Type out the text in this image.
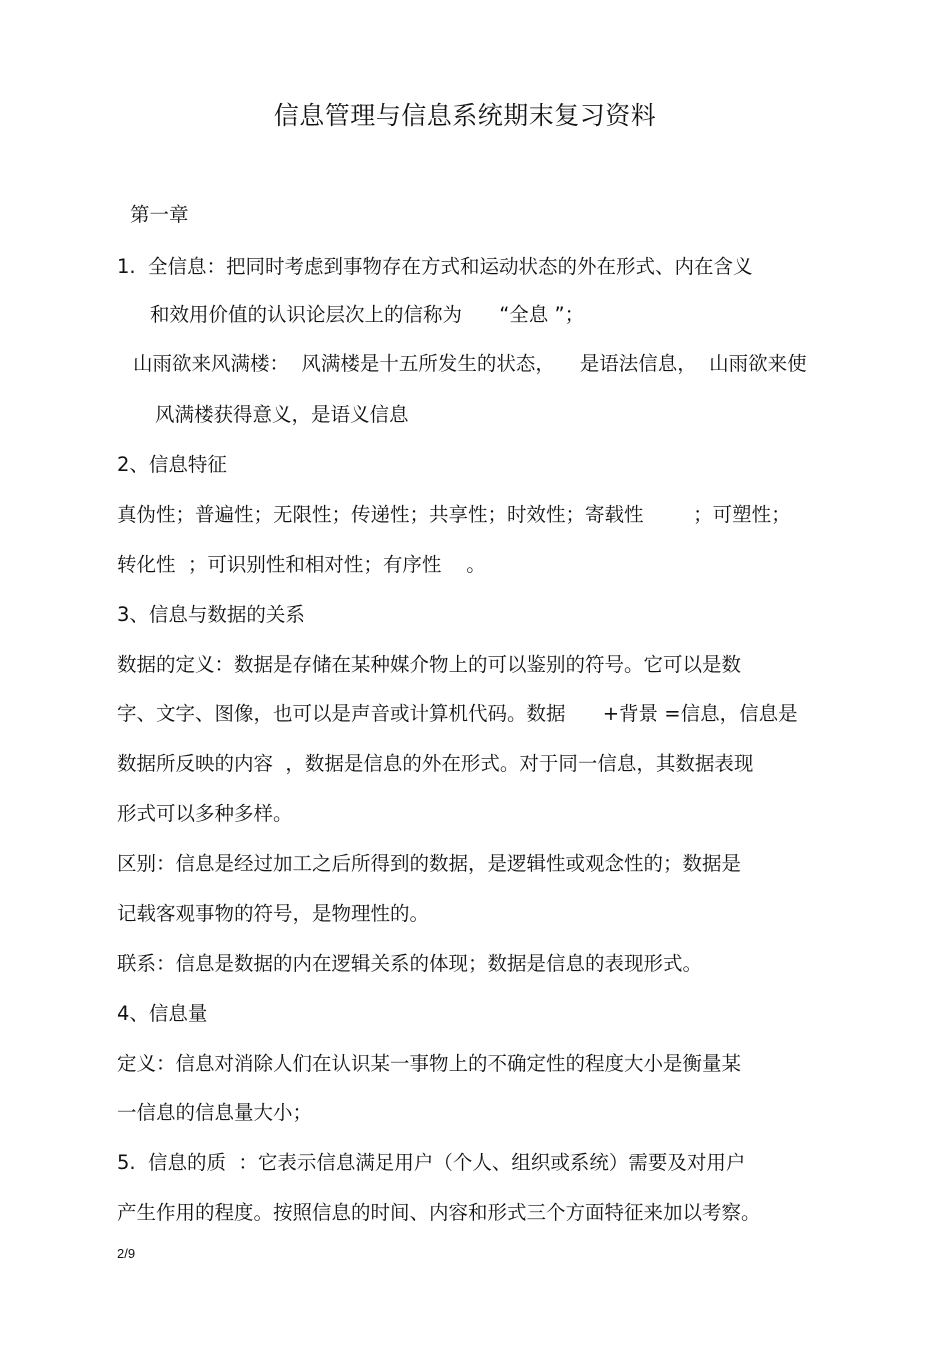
信息管理与信息系统期末复习资料
第一章
1.  全信息：把同时考虑到事物存在方式和运动状态的外在形式、内在含义
和效用价值的认识论层次上的信称为      “全息 ”；
山雨欲来风满楼：  风满楼是十五所发生的状态，    是语法信息，  山雨欲来使
风满楼获得意义，是语义信息
2、信息特征
真伪性；普遍性；无限性；传递性；共享性；时效性；寄载性        ；可塑性；
转化性  ；可识别性和相对性；有序性    。
3、信息与数据的关系
数据的定义：数据是存储在某种媒介物上的可以鉴别的符号。它可以是数
字、文字、图像，也可以是声音或计算机代码。数据      +背景 =信息，信息是
数据所反映的内容  ，数据是信息的外在形式。对于同一信息，其数据表现
形式可以多种多样。
区别：信息是经过加工之后所得到的数据，是逻辑性或观念性的；数据是
记载客观事物的符号，是物理性的。
联系：信息是数据的内在逻辑关系的体现；数据是信息的表现形式。
4、信息量
定义：信息对消除人们在认识某一事物上的不确定性的程度大小是衡量某
一信息的信息量大小；
5.  信息的质  ：它表示信息满足用户（个人、组织或系统）需要及对用户
产生作用的程度。按照信息的时间、内容和形式三个方面特征来加以考察。
2/9
